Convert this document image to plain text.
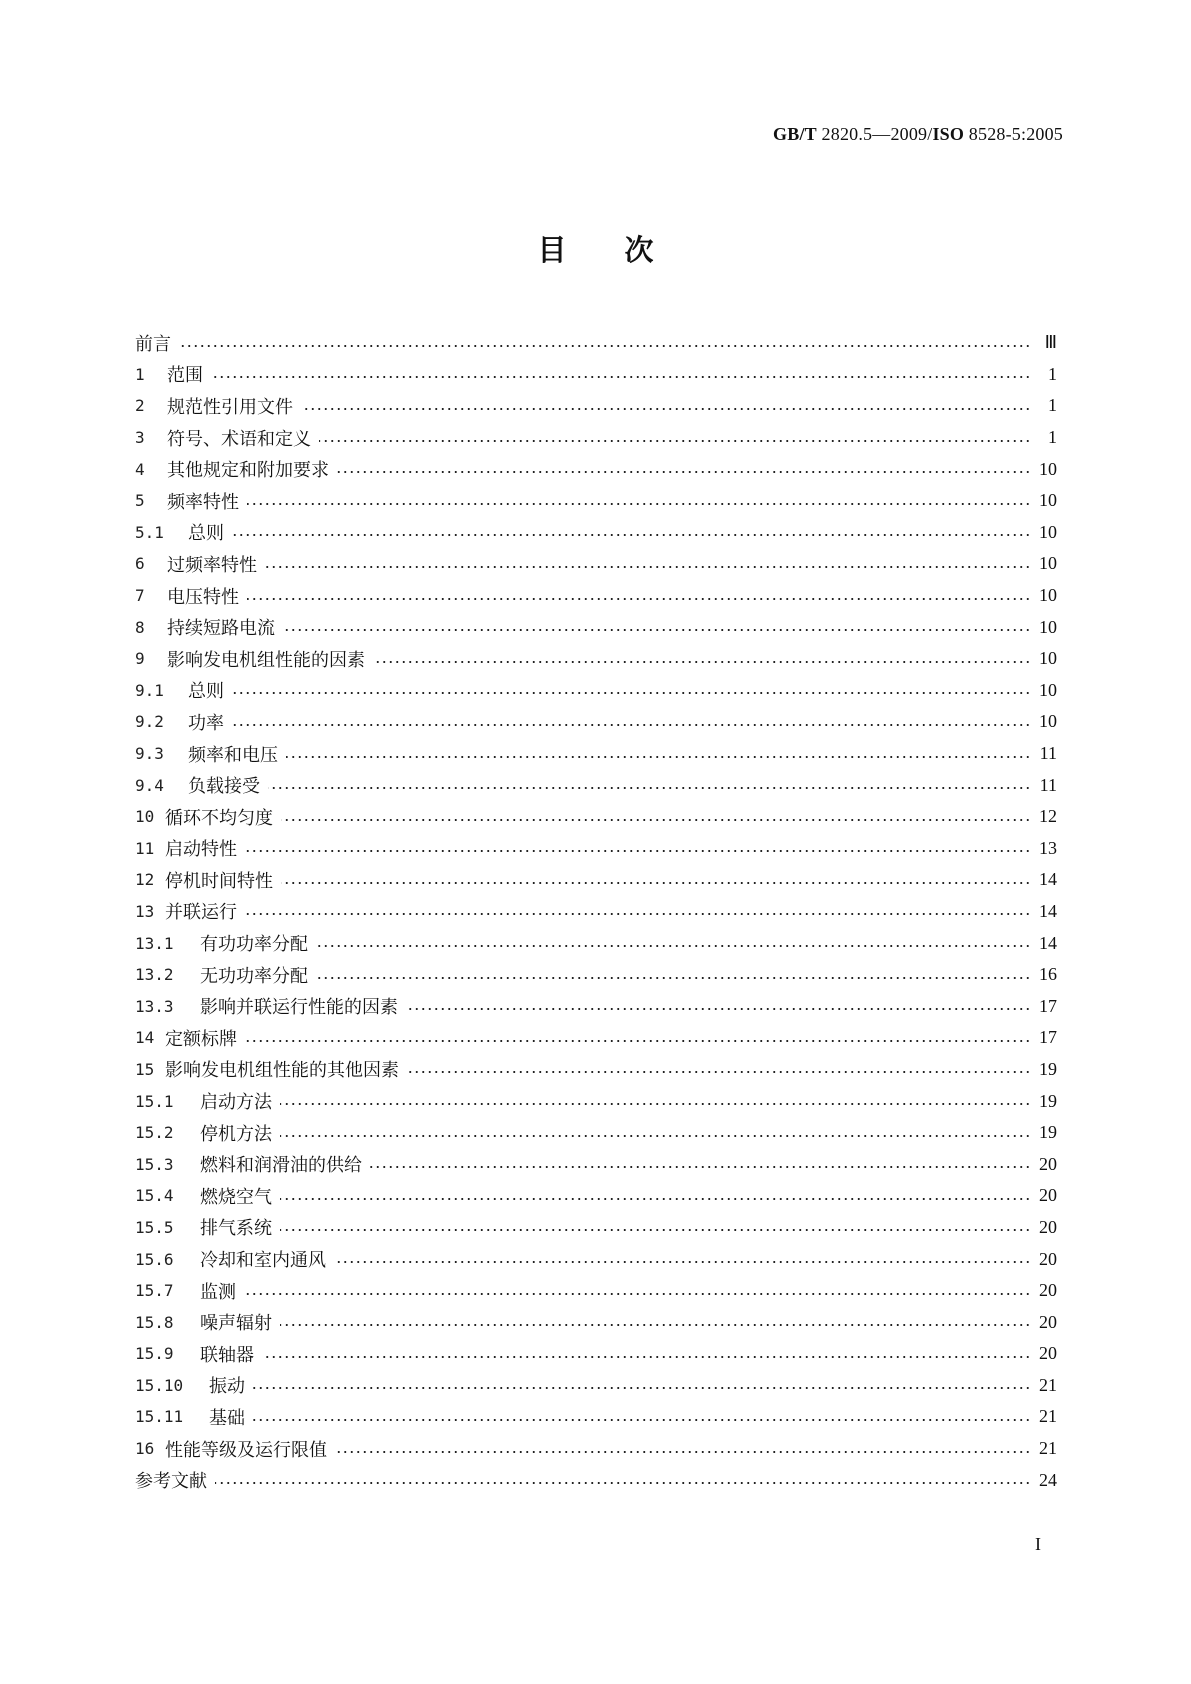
GB/T 2820.5—2009/ISO 8528-5:2005
目次
前言	Ⅲ
1	范围	1
2	规范性引用文件	1
3	符号、术语和定义	1
4	其他规定和附加要求	10
5	频率特性	10
5.1	总则	10
6	过频率特性	10
7	电压特性	10
8	持续短路电流	10
9	影响发电机组性能的因素	10
9.1	总则	10
9.2	功率	10
9.3	频率和电压	11
9.4	负载接受	11
10 循环不均匀度	12
11 启动特性	13
12 停机时间特性	14
13 并联运行	14
13.1	有功功率分配	14
13.2	无功功率分配	16
13.3	影响并联运行性能的因素	17
14 定额标牌	17
15 影响发电机组性能的其他因素	19
15.1	启动方法	19
15.2	停机方法	19
15.3	燃料和润滑油的供给	20
15.4	燃烧空气	20
15.5	排气系统	20
15.6	冷却和室内通风	20
15.7	监测	20
15.8	噪声辐射	20
15.9	联轴器	20
15.10	振动	21
15.11	基础	21
16 性能等级及运行限值	21
参考文献	24
I
